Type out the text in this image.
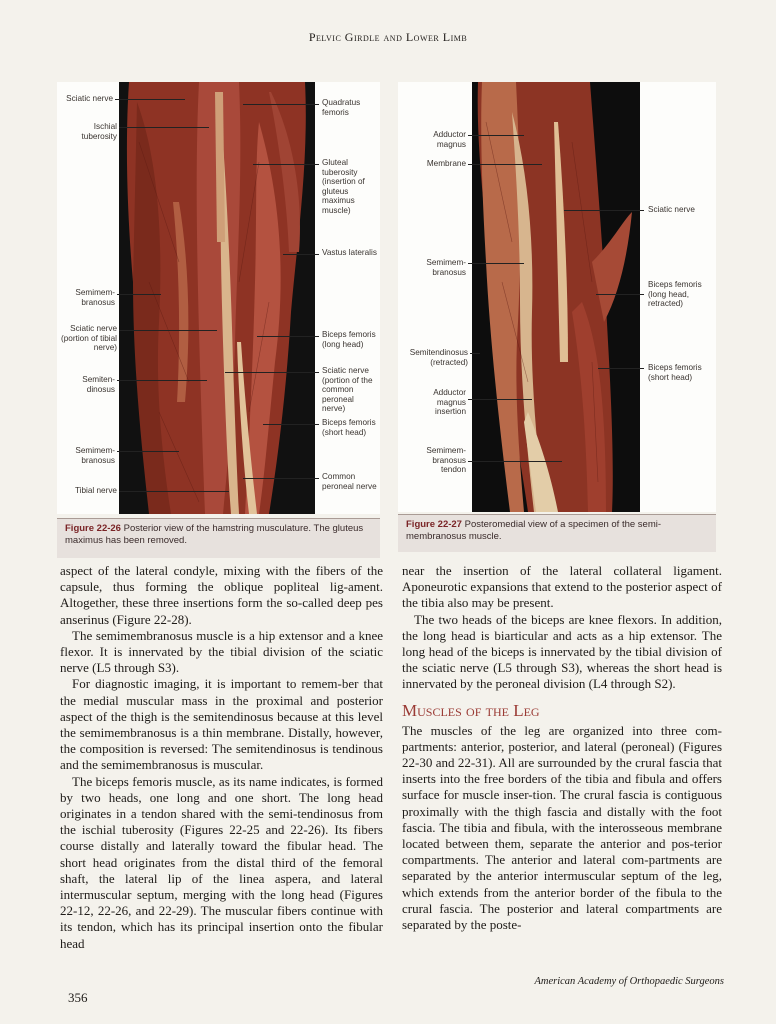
Pelvic Girdle and Lower Limb
Sciatic nerve
Ischial tuberosity
Semimem-branosus
Sciatic nerve (portion of tibial nerve)
Semiten-dinosus
Semimem-branosus
Tibial nerve
Quadratus femoris
Gluteal tuberosity (insertion of gluteus maximus muscle)
Vastus lateralis
Biceps femoris (long head)
Sciatic nerve (portion of the common peroneal nerve)
Biceps femoris (short head)
Common peroneal nerve
Figure 22-26 Posterior view of the hamstring musculature. The gluteus maximus has been removed.
Adductor magnus
Membrane
Semimem-branosus
Semitendinosus (retracted)
Adductor magnus insertion
Semimem-branosus tendon
Sciatic nerve
Biceps femoris (long head, retracted)
Biceps femoris (short head)
Figure 22-27 Posteromedial view of a specimen of the semi-membranosus muscle.

aspect of the lateral condyle, mixing with the fibers of the capsule, thus forming the oblique popliteal lig-ament. Altogether, these three insertions form the so-called deep pes anserinus (Figure 22-28).

The semimembranosus muscle is a hip extensor and a knee flexor. It is innervated by the tibial division of the sciatic nerve (L5 through S3).

For diagnostic imaging, it is important to remem-ber that the medial muscular mass in the proximal and posterior aspect of the thigh is the semitendinosus because at this level the semimembranosus is a thin membrane. Distally, however, the composition is reversed: The semitendinosus is tendinous and the semimembranosus is muscular.

The biceps femoris muscle, as its name indicates, is formed by two heads, one long and one short. The long head originates in a tendon shared with the semi-tendinosus from the ischial tuberosity (Figures 22-25 and 22-26). Its fibers course distally and laterally toward the fibular head. The short head originates from the distal third of the femoral shaft, the lateral lip of the linea aspera, and lateral intermuscular septum, merging with the long head (Figures 22-12, 22-26, and 22-29). The muscular fibers continue with its tendon, which has its principal insertion onto the fibular head

near the insertion of the lateral collateral ligament. Aponeurotic expansions that extend to the posterior aspect of the tibia also may be present.

The two heads of the biceps are knee flexors. In addition, the long head is biarticular and acts as a hip extensor. The long head of the biceps is innervated by the tibial division of the sciatic nerve (L5 through S3), whereas the short head is innervated by the peroneal division (L4 through S2).

Muscles of the Leg

The muscles of the leg are organized into three com-partments: anterior, posterior, and lateral (peroneal) (Figures 22-30 and 22-31). All are surrounded by the crural fascia that inserts into the free borders of the tibia and fibula and offers surface for muscle inser-tion. The crural fascia is contiguous proximally with the thigh fascia and distally with the foot fascia. The tibia and fibula, with the interosseous membrane located between them, separate the anterior and pos-terior compartments. The anterior and lateral com-partments are separated by the anterior intermuscular septum of the leg, which extends from the anterior border of the fibula to the crural fascia. The posterior and lateral compartments are separated by the poste-

356
American Academy of Orthopaedic Surgeons
